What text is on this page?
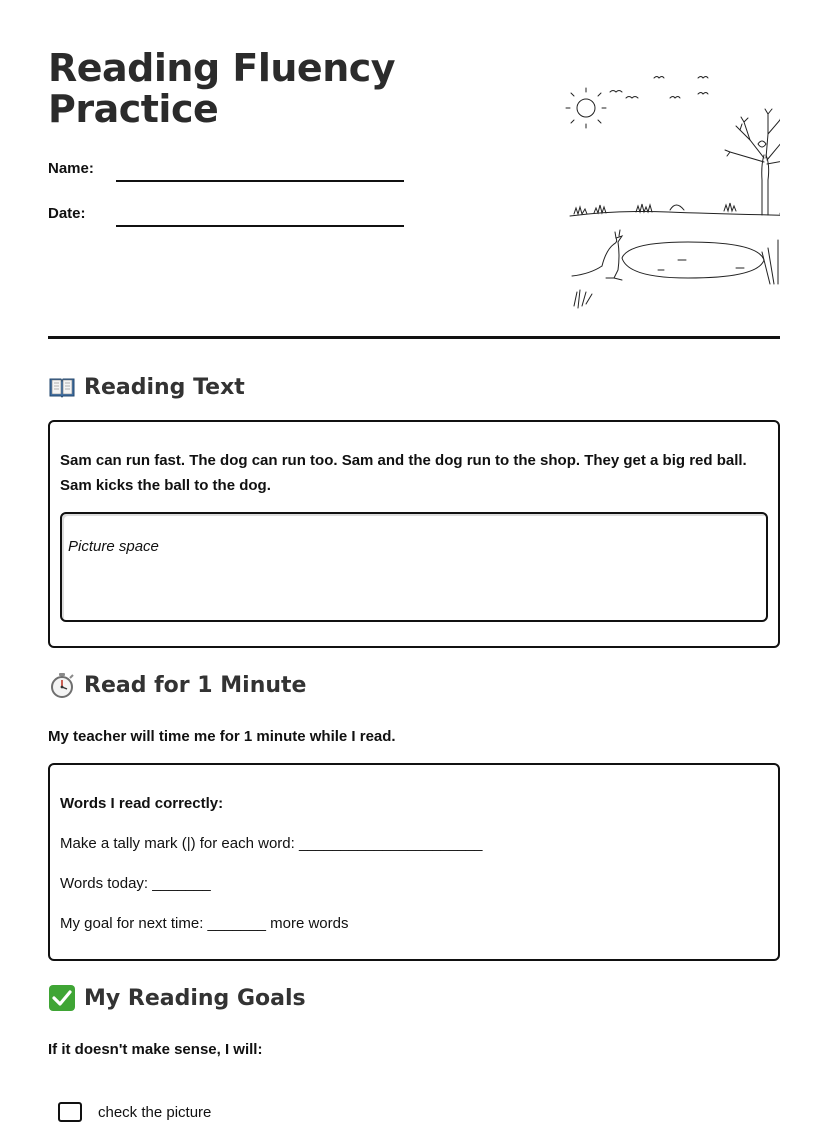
Reading Fluency
Practice
Name:
Date:
Reading Text

Sam can run fast. The dog can run too. Sam and the dog run to the shop. They get a big red ball. Sam kicks the ball to the dog.

Picture space
Read for 1 Minute
My teacher will time me for 1 minute while I read.
Words I read correctly:
Make a tally mark (|) for each word: ______________________
Words today: _______
My goal for next time: _______ more words
My Reading Goals
If it doesn't make sense, I will:
check the picture
